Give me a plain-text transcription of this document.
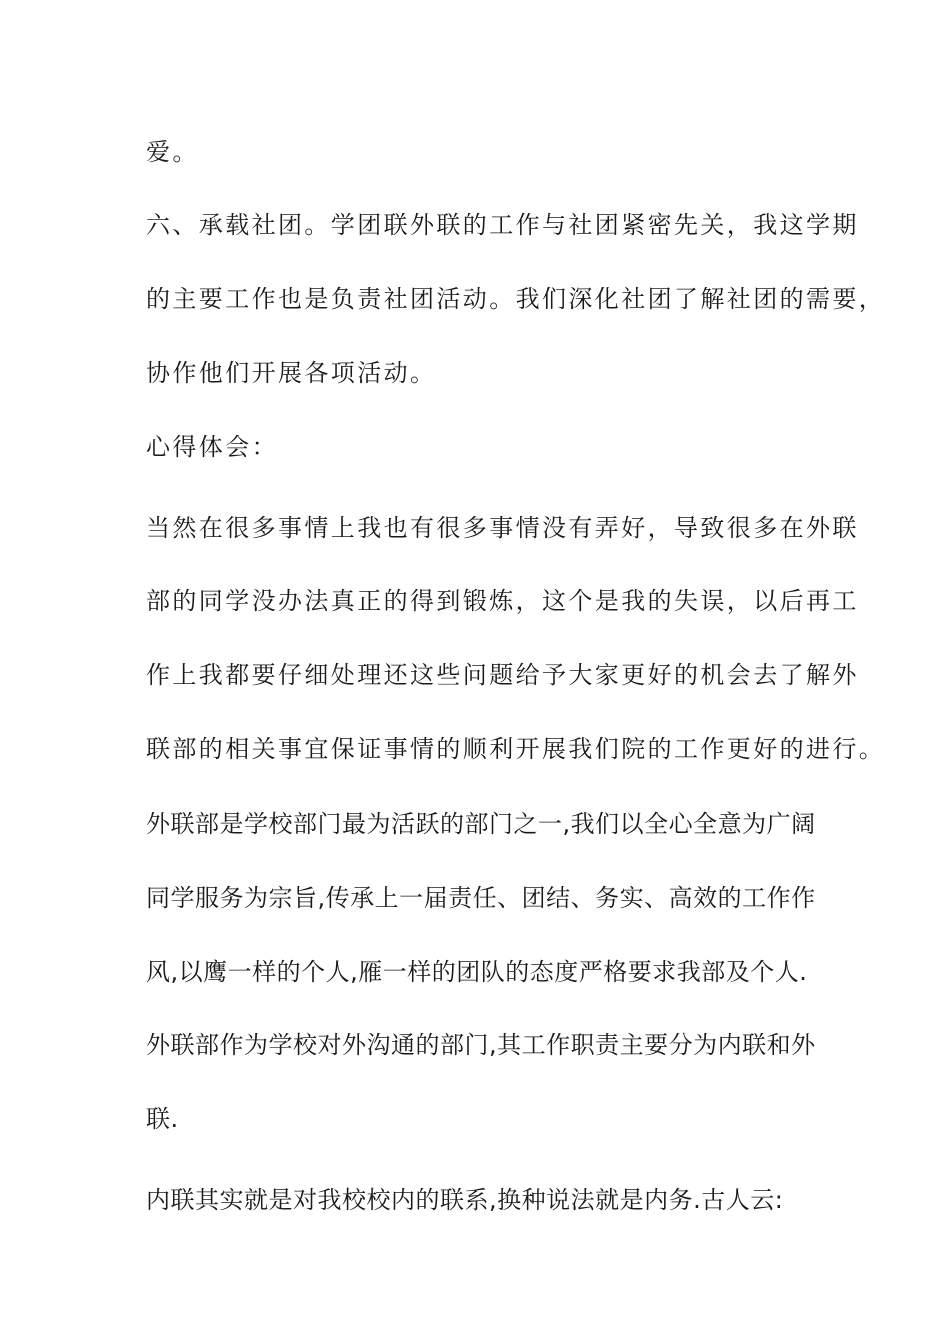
爱。
六、承载社团。学团联外联的工作与社团紧密先关，我这学期
的主要工作也是负责社团活动。我们深化社团了解社团的需要，
协作他们开展各项活动。
心得体会：
当然在很多事情上我也有很多事情没有弄好，导致很多在外联
部的同学没办法真正的得到锻炼，这个是我的失误，以后再工
作上我都要仔细处理还这些问题给予大家更好的机会去了解外
联部的相关事宜保证事情的顺利开展我们院的工作更好的进行。
外联部是学校部门最为活跃的部门之一,我们以全心全意为广阔
同学服务为宗旨,传承上一届责任、团结、务实、高效的工作作
风,以鹰一样的个人,雁一样的团队的态度严格要求我部及个人.
外联部作为学校对外沟通的部门,其工作职责主要分为内联和外
联.
内联其实就是对我校校内的联系,换种说法就是内务.古人云:
